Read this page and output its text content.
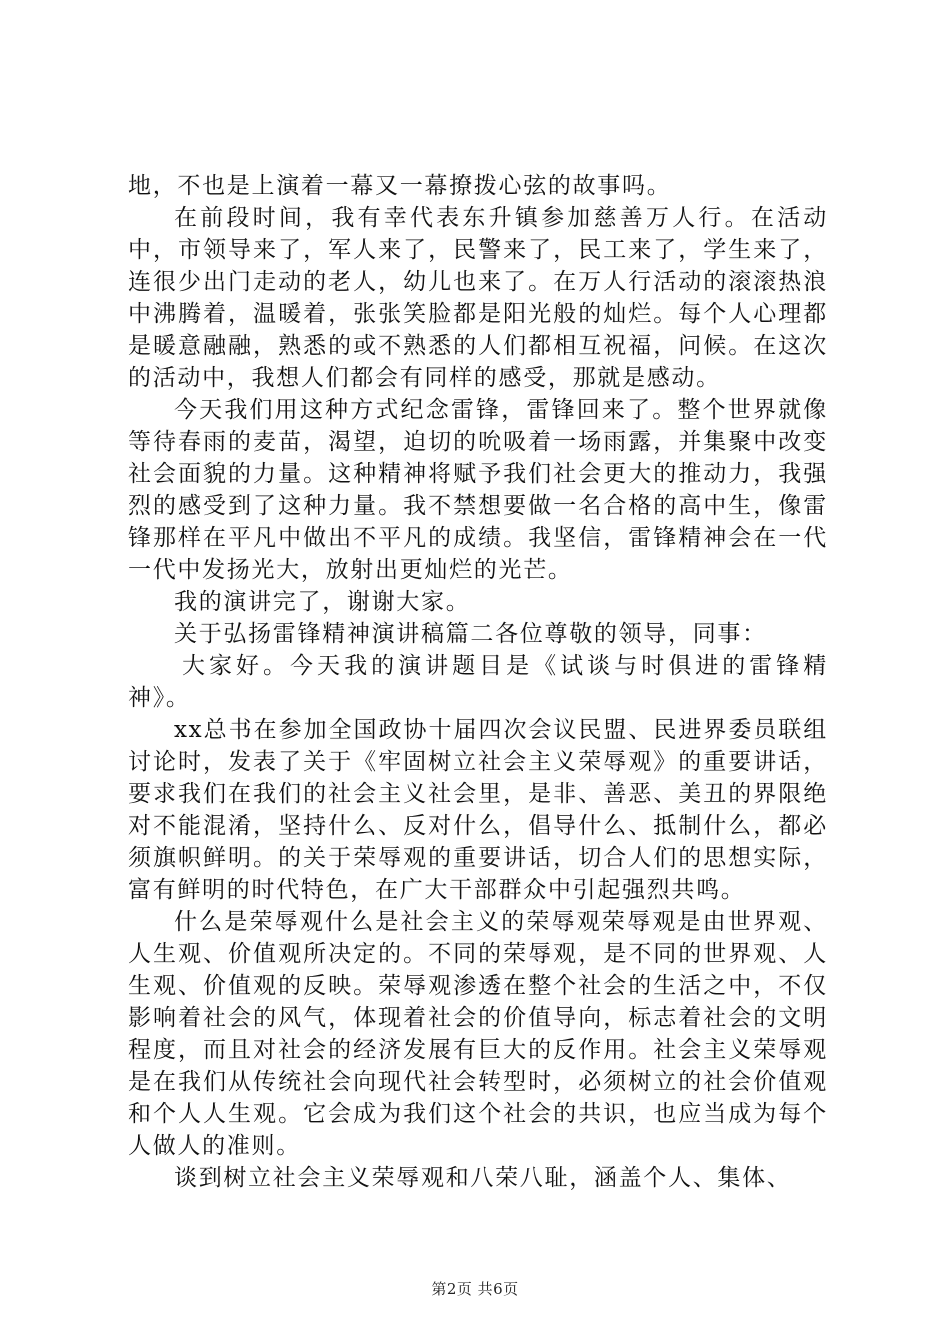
地，不也是上演着一幕又一幕撩拨心弦的故事吗。

在前段时间，我有幸代表东升镇参加慈善万人行。在活动中，市领导来了，军人来了，民警来了，民工来了，学生来了，连很少出门走动的老人，幼儿也来了。在万人行活动的滚滚热浪中沸腾着，温暖着，张张笑脸都是阳光般的灿烂。每个人心理都是暖意融融，熟悉的或不熟悉的人们都相互祝福，问候。在这次的活动中，我想人们都会有同样的感受，那就是感动。

今天我们用这种方式纪念雷锋，雷锋回来了。整个世界就像等待春雨的麦苗，渴望，迫切的吮吸着一场雨露，并集聚中改变社会面貌的力量。这种精神将赋予我们社会更大的推动力，我强烈的感受到了这种力量。我不禁想要做一名合格的高中生，像雷锋那样在平凡中做出不平凡的成绩。我坚信，雷锋精神会在一代一代中发扬光大，放射出更灿烂的光芒。

我的演讲完了，谢谢大家。

关于弘扬雷锋精神演讲稿篇二各位尊敬的领导，同事：

大家好。今天我的演讲题目是《试谈与时俱进的雷锋精神》。

xx总书在参加全国政协十届四次会议民盟、民进界委员联组讨论时，发表了关于《牢固树立社会主义荣辱观》的重要讲话，要求我们在我们的社会主义社会里，是非、善恶、美丑的界限绝对不能混淆，坚持什么、反对什么，倡导什么、抵制什么，都必须旗帜鲜明。的关于荣辱观的重要讲话，切合人们的思想实际，富有鲜明的时代特色，在广大干部群众中引起强烈共鸣。

什么是荣辱观什么是社会主义的荣辱观荣辱观是由世界观、人生观、价值观所决定的。不同的荣辱观，是不同的世界观、人生观、价值观的反映。荣辱观渗透在整个社会的生活之中，不仅影响着社会的风气，体现着社会的价值导向，标志着社会的文明程度，而且对社会的经济发展有巨大的反作用。社会主义荣辱观是在我们从传统社会向现代社会转型时，必须树立的社会价值观和个人人生观。它会成为我们这个社会的共识，也应当成为每个人做人的准则。

谈到树立社会主义荣辱观和八荣八耻，涵盖个人、集体、

第2页 共6页
